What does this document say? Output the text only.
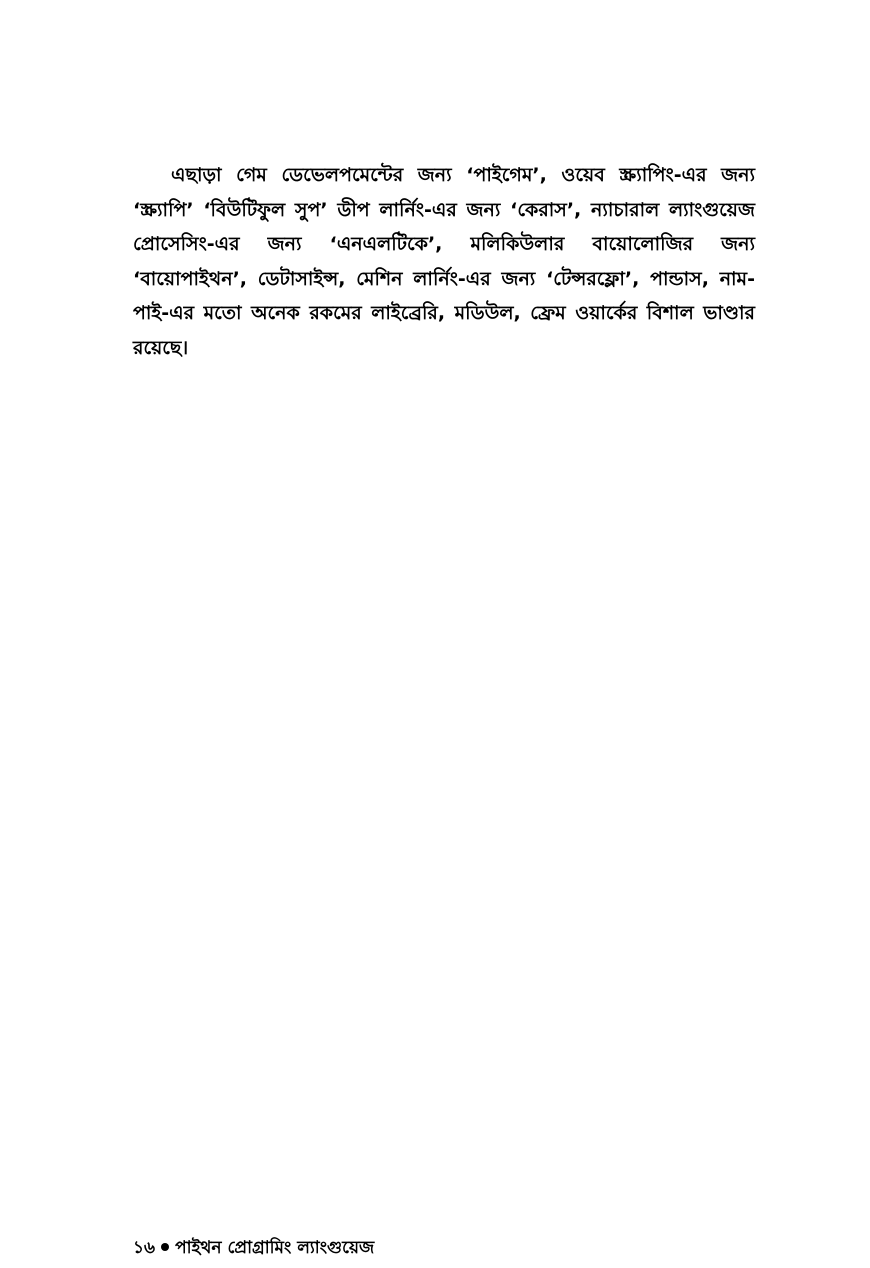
এছাড়া গেম ডেভেলপমেন্টের জন্য ‘পাইগেম’, ওয়েব স্ক্র্যাপিং-এর জন্য ‘স্ক্র্যাপি’ ‘বিউটিফুল সুপ’ ডীপ লার্নিং-এর জন্য ‘কেরাস’, ন্যাচারাল ল্যাংগুয়েজ প্রোসেসিং-এর জন্য ‘এনএলটিকে’, মলিকিউলার বায়োলোজির জন্য ‘বায়োপাইথন’, ডেটাসাইন্স, মেশিন লার্নিং-এর জন্য ‘টেন্সরফ্লো’, পান্ডাস, নাম-পাই-এর মতো অনেক রকমের লাইব্রেরি, মডিউল, ফ্রেম ওয়ার্কের বিশাল ভাণ্ডার রয়েছে।

১৬ পাইথন প্রোগ্রামিং ল্যাংগুয়েজ
